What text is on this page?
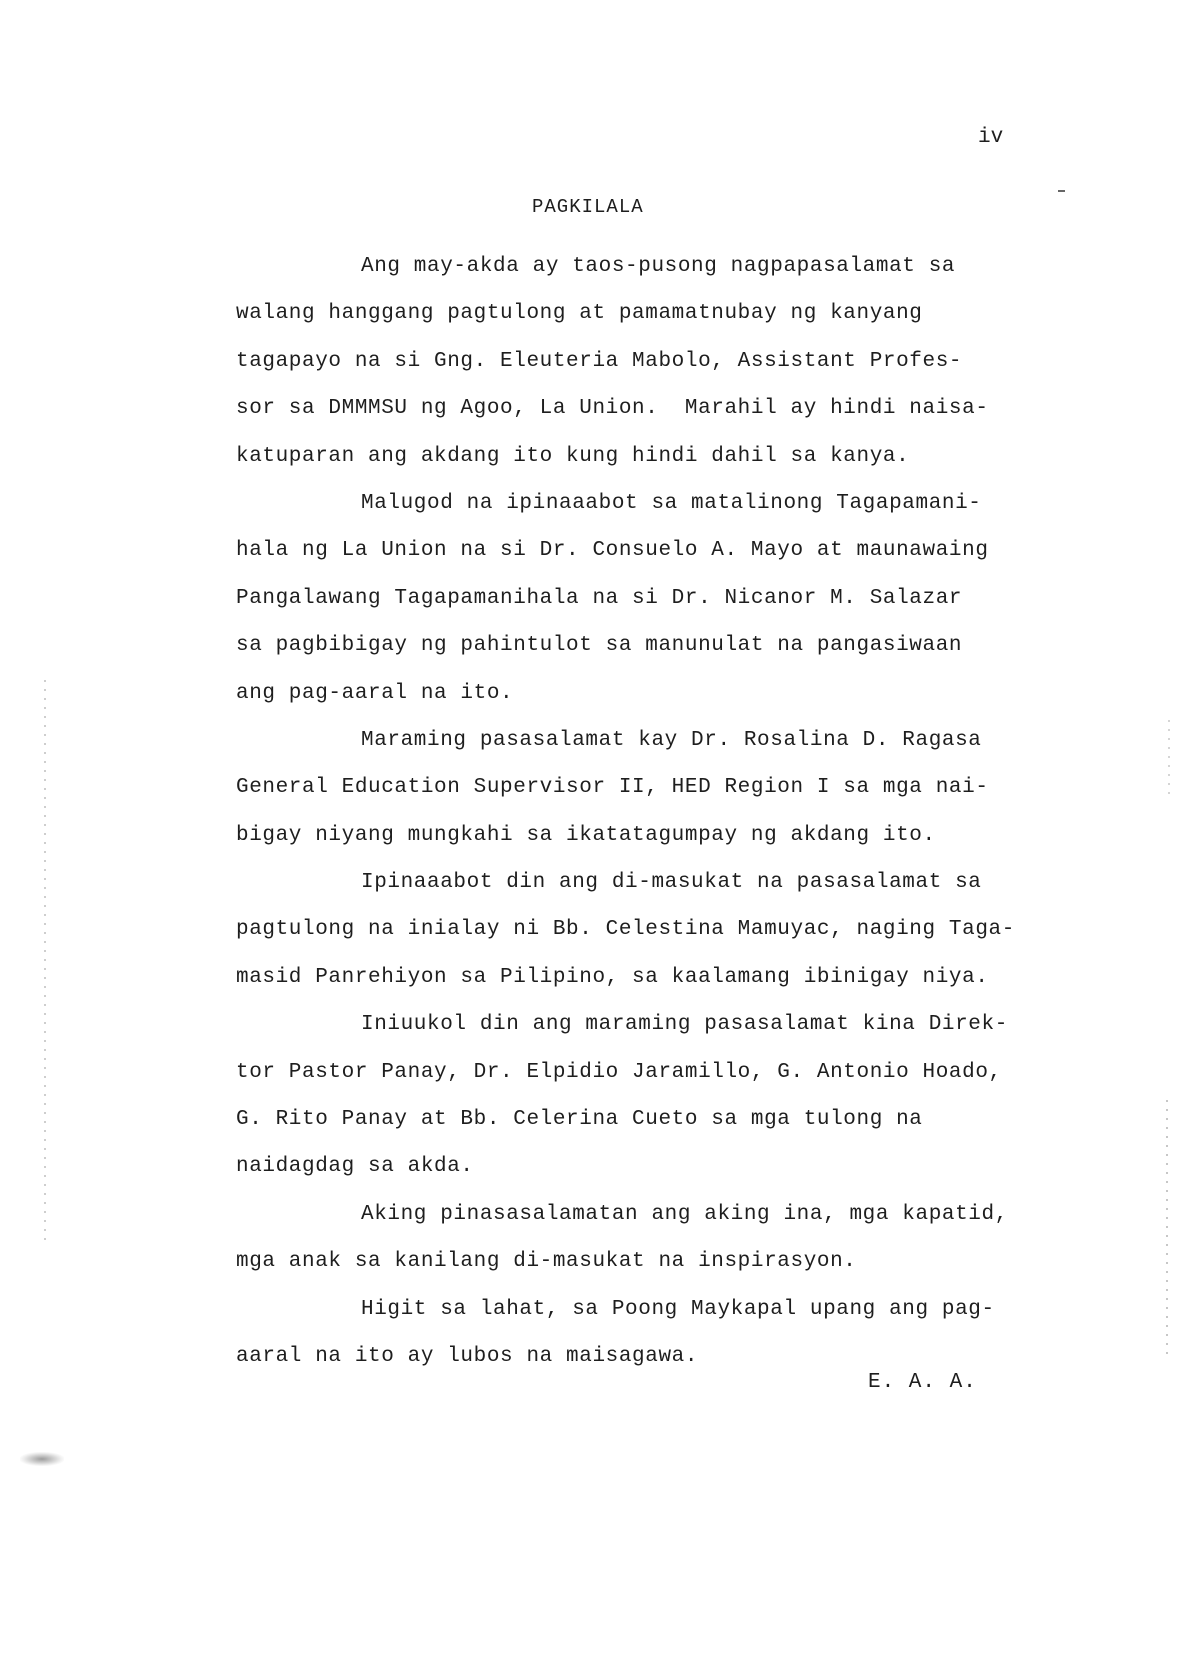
iv
PAGKILALA
Ang may-akda ay taos-pusong nagpapasalamat sa
walang hanggang pagtulong at pamamatnubay ng kanyang
tagapayo na si Gng. Eleuteria Mabolo, Assistant Profes-
sor sa DMMMSU ng Agoo, La Union.  Marahil ay hindi naisa-
katuparan ang akdang ito kung hindi dahil sa kanya.
Malugod na ipinaaabot sa matalinong Tagapamani-
hala ng La Union na si Dr. Consuelo A. Mayo at maunawaing
Pangalawang Tagapamanihala na si Dr. Nicanor M. Salazar
sa pagbibigay ng pahintulot sa manunulat na pangasiwaan
ang pag-aaral na ito.
Maraming pasasalamat kay Dr. Rosalina D. Ragasa
General Education Supervisor II, HED Region I sa mga nai-
bigay niyang mungkahi sa ikatatagumpay ng akdang ito.
Ipinaaabot din ang di-masukat na pasasalamat sa
pagtulong na inialay ni Bb. Celestina Mamuyac, naging Taga-
masid Panrehiyon sa Pilipino, sa kaalamang ibinigay niya.
Iniuukol din ang maraming pasasalamat kina Direk-
tor Pastor Panay, Dr. Elpidio Jaramillo, G. Antonio Hoado,
G. Rito Panay at Bb. Celerina Cueto sa mga tulong na
naidagdag sa akda.
Aking pinasasalamatan ang aking ina, mga kapatid,
mga anak sa kanilang di-masukat na inspirasyon.
Higit sa lahat, sa Poong Maykapal upang ang pag-
aaral na ito ay lubos na maisagawa.
E. A. A.
